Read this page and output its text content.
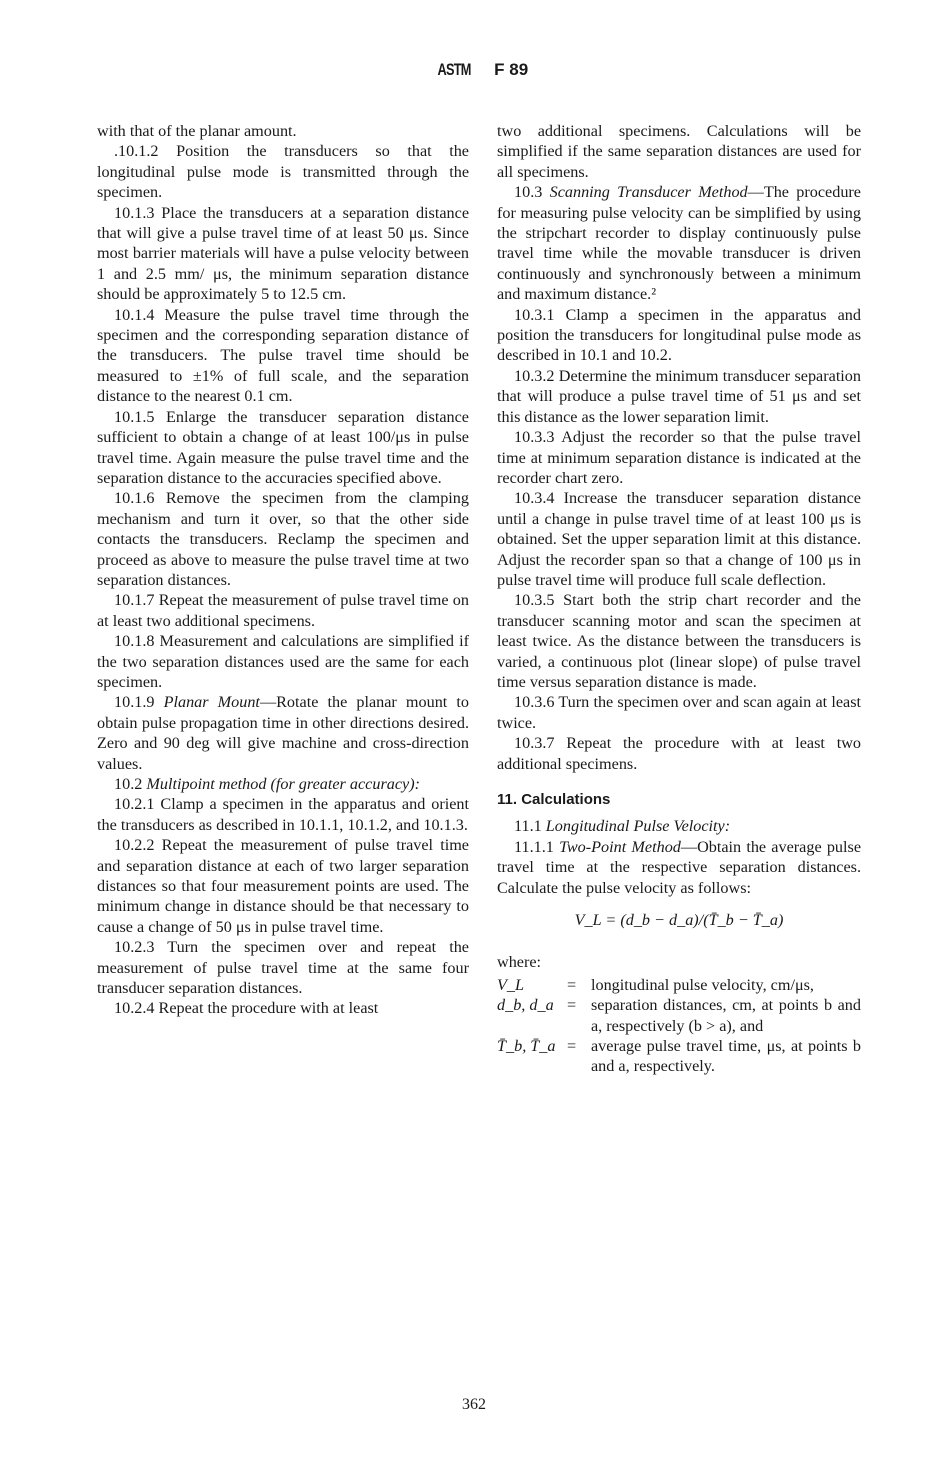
ASTM F 89

with that of the planar amount.

.10.1.2 Position the transducers so that the longitudinal pulse mode is transmitted through the specimen.

10.1.3 Place the transducers at a separation distance that will give a pulse travel time of at least 50 μs. Since most barrier materials will have a pulse velocity between 1 and 2.5 mm/ μs, the minimum separation distance should be approximately 5 to 12.5 cm.

10.1.4 Measure the pulse travel time through the specimen and the corresponding separation distance of the transducers. The pulse travel time should be measured to ±1% of full scale, and the separation distance to the nearest 0.1 cm.

10.1.5 Enlarge the transducer separation distance sufficient to obtain a change of at least 100/μs in pulse travel time. Again measure the pulse travel time and the separation distance to the accuracies specified above.

10.1.6 Remove the specimen from the clamping mechanism and turn it over, so that the other side contacts the transducers. Reclamp the specimen and proceed as above to measure the pulse travel time at two separation distances.

10.1.7 Repeat the measurement of pulse travel time on at least two additional specimens.

10.1.8 Measurement and calculations are simplified if the two separation distances used are the same for each specimen.

10.1.9 Planar Mount—Rotate the planar mount to obtain pulse propagation time in other directions desired. Zero and 90 deg will give machine and cross-direction values.

10.2 Multipoint method (for greater accuracy):

10.2.1 Clamp a specimen in the apparatus and orient the transducers as described in 10.1.1, 10.1.2, and 10.1.3.

10.2.2 Repeat the measurement of pulse travel time and separation distance at each of two larger separation distances so that four measurement points are used. The minimum change in distance should be that necessary to cause a change of 50 μs in pulse travel time.

10.2.3 Turn the specimen over and repeat the measurement of pulse travel time at the same four transducer separation distances.

10.2.4 Repeat the procedure with at least

two additional specimens. Calculations will be simplified if the same separation distances are used for all specimens.

10.3 Scanning Transducer Method—The procedure for measuring pulse velocity can be simplified by using the stripchart recorder to display continuously pulse travel time while the movable transducer is driven continuously and synchronously between a minimum and maximum distance.²

10.3.1 Clamp a specimen in the apparatus and position the transducers for longitudinal pulse mode as described in 10.1 and 10.2.

10.3.2 Determine the minimum transducer separation that will produce a pulse travel time of 51 μs and set this distance as the lower separation limit.

10.3.3 Adjust the recorder so that the pulse travel time at minimum separation distance is indicated at the recorder chart zero.

10.3.4 Increase the transducer separation distance until a change in pulse travel time of at least 100 μs is obtained. Set the upper separation limit at this distance. Adjust the recorder span so that a change of 100 μs in pulse travel time will produce full scale deflection.

10.3.5 Start both the strip chart recorder and the transducer scanning motor and scan the specimen at least twice. As the distance between the transducers is varied, a continuous plot (linear slope) of pulse travel time versus separation distance is made.

10.3.6 Turn the specimen over and scan again at least twice.

10.3.7 Repeat the procedure with at least two additional specimens.

11. Calculations

11.1 Longitudinal Pulse Velocity:

11.1.1 Two-Point Method—Obtain the average pulse travel time at the respective separation distances. Calculate the pulse velocity as follows:

V_L = (d_b − d_a)/(T̄_b − T̄_a)
where:
V_L	= longitudinal pulse velocity, cm/μs,
d_b, d_a = separation distances, cm, at points b and a, respectively (b > a), and
T̄_b, T̄_a = average pulse travel time, μs, at points b and a, respectively.
362
